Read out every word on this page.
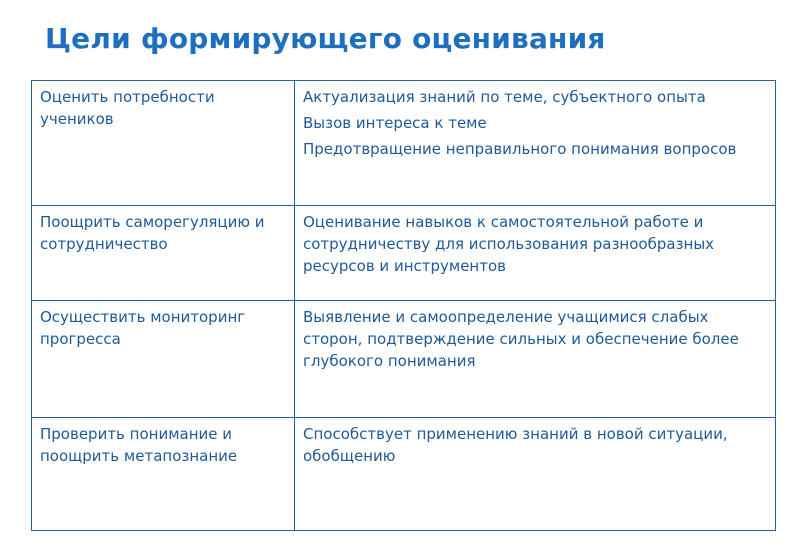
Цели формирующего оценивания
Оценить потребности учеников	Актуализация знаний по теме, субъектного опыта

Вызов интереса к теме

Предотвращение неправильного понимания вопросов

Поощрить саморегуляцию и сотрудничество	Оценивание навыков к самостоятельной работе и сотрудничеству для использования разнообразных ресурсов и инструментов

Осуществить мониторинг прогресса	Выявление и самоопределение учащимися слабых сторон, подтверждение сильных и обеспечение более глубокого понимания

Проверить понимание и поощрить метапознание	Способствует применению знаний в новой ситуации, обобщению
